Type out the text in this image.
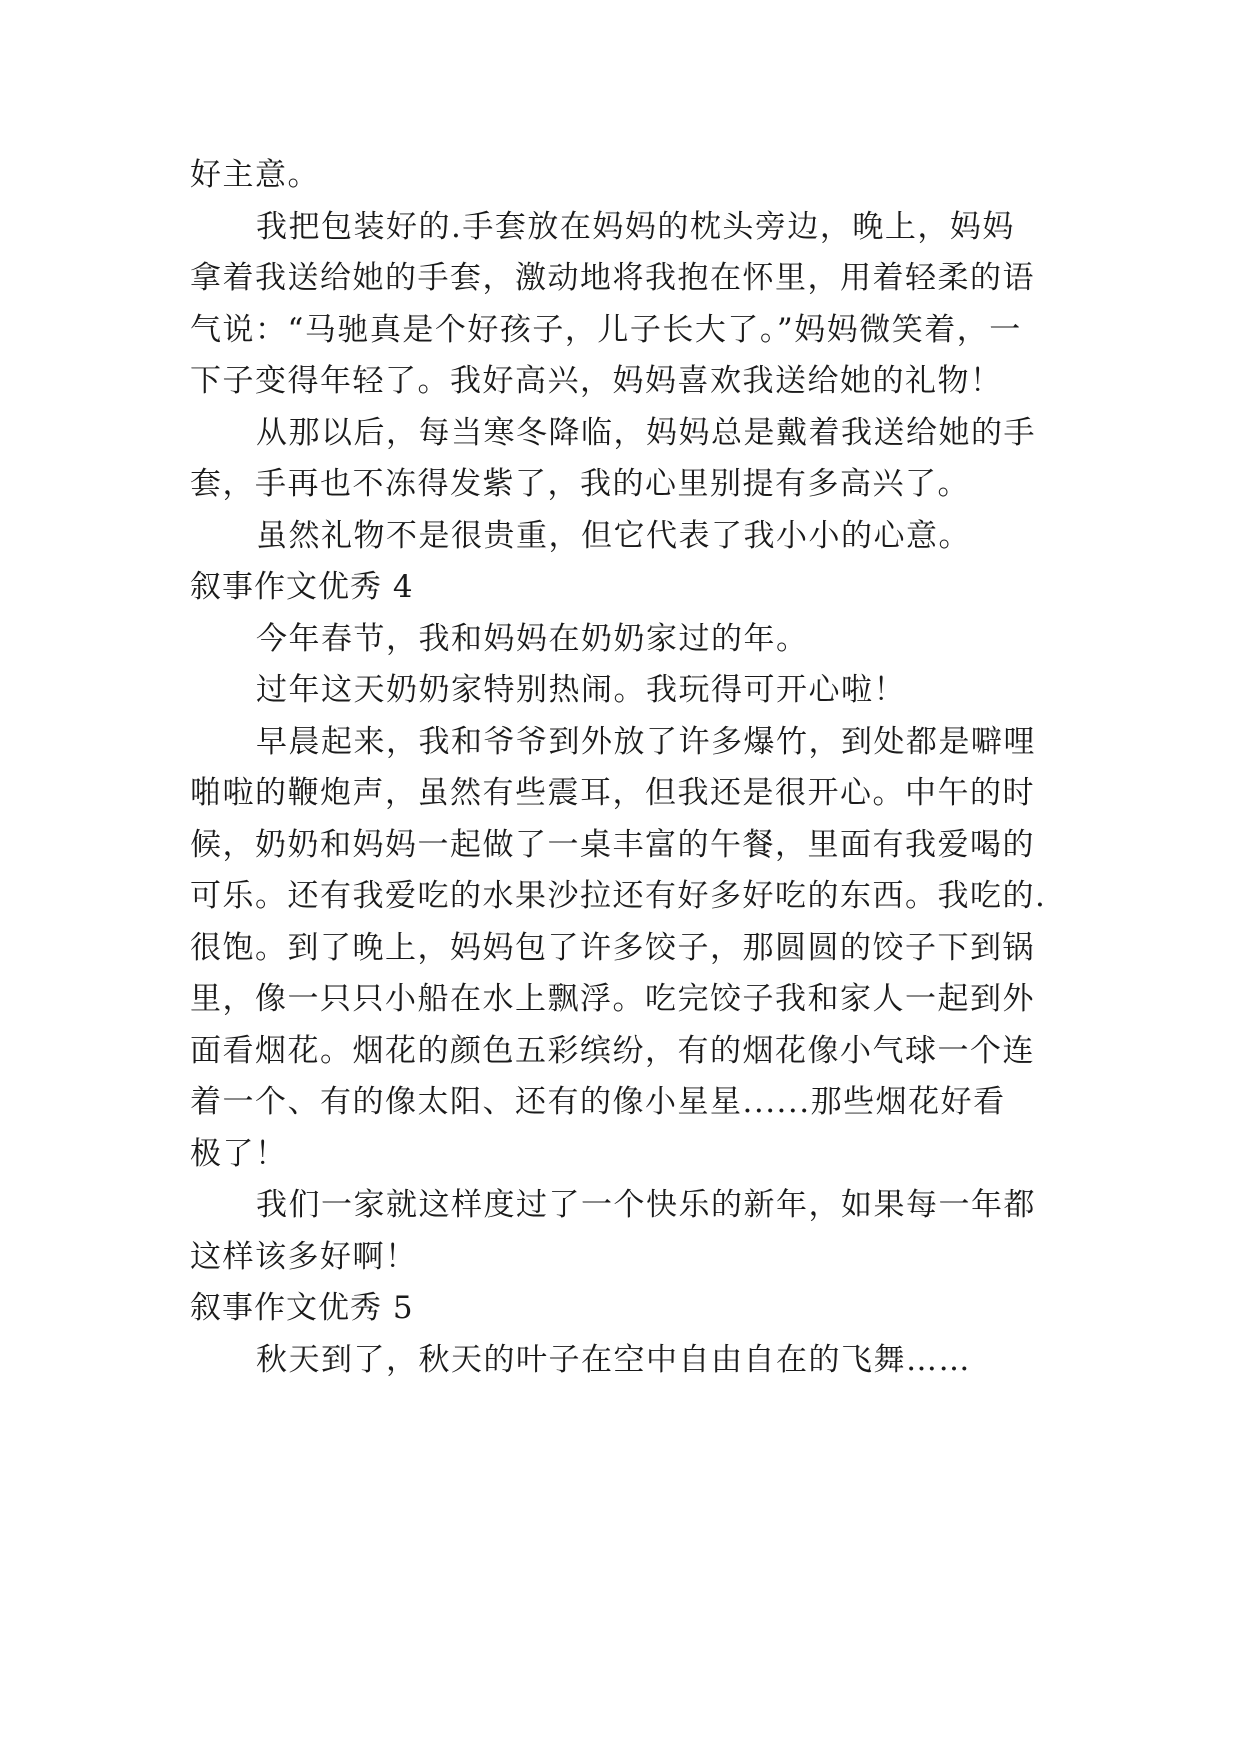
好主意。
我把包装好的.手套放在妈妈的枕头旁边，晚上，妈妈
拿着我送给她的手套，激动地将我抱在怀里，用着轻柔的语
气说：“马驰真是个好孩子，儿子长大了。”妈妈微笑着，一
下子变得年轻了。我好高兴，妈妈喜欢我送给她的礼物！
从那以后，每当寒冬降临，妈妈总是戴着我送给她的手
套，手再也不冻得发紫了，我的心里别提有多高兴了。
虽然礼物不是很贵重，但它代表了我小小的心意。
叙事作文优秀 4
今年春节，我和妈妈在奶奶家过的年。
过年这天奶奶家特别热闹。我玩得可开心啦！
早晨起来，我和爷爷到外放了许多爆竹，到处都是噼哩
啪啦的鞭炮声，虽然有些震耳，但我还是很开心。中午的时
候，奶奶和妈妈一起做了一桌丰富的午餐，里面有我爱喝的
可乐。还有我爱吃的水果沙拉还有好多好吃的东西。我吃的.
很饱。到了晚上，妈妈包了许多饺子，那圆圆的饺子下到锅
里，像一只只小船在水上飘浮。吃完饺子我和家人一起到外
面看烟花。烟花的颜色五彩缤纷，有的烟花像小气球一个连
着一个、有的像太阳、还有的像小星星......那些烟花好看
极了！
我们一家就这样度过了一个快乐的新年，如果每一年都
这样该多好啊！
叙事作文优秀 5
秋天到了，秋天的叶子在空中自由自在的飞舞……
